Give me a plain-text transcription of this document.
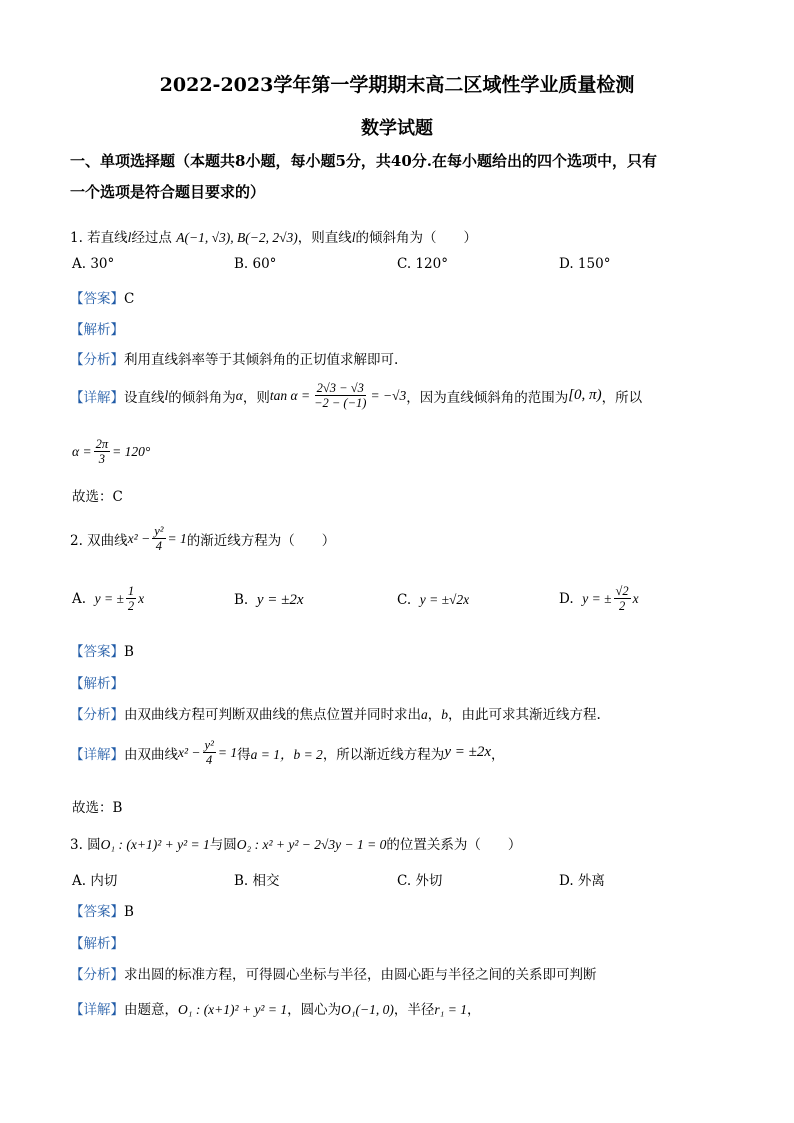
2022-2023学年第一学期期末高二区域性学业质量检测
数学试题
一、单项选择题（本题共8小题，每小题5分，共40分.在每小题给出的四个选项中，只有
一个选项是符合题目要求的）
1. 若直线l经过点 A(−1, √3), B(−2, 2√3)，则直线l的倾斜角为（　　）
A. 30°	B. 60°	C. 120°	D. 150°
【答案】C
【解析】
【分析】利用直线斜率等于其倾斜角的正切值求解即可.
【详解】 设直线 l 的倾斜角为 α ，则 $\tan \alpha = \frac{2√3 - √3}{-2 - (-1)} = -√3$ ，因为直线倾斜角的范围为 [0, π) ，所以
$\alpha = \frac{2\pi}{3} = 120^\circ$
故选：C
2. 双曲线 $x^2 - \frac{\text{y²}}{4} = 1$ 的渐近线方程为（　　）
A.
y = ± $\frac{1}{2}$ x	B. y = ±2x	C. y = ±√2x	D.
y = ± $\frac{√2}{2}$ x
【答案】B
【解析】
【分析】由双曲线方程可判断双曲线的焦点位置并同时求出a，b，由此可求其渐近线方程.
【详解】 由双曲线 $x^2 - \frac{\text{y²}}{4} = 1$ 得 a = 1，b = 2 ，所以渐近线方程为 y = ±2x ，
故选：B
3. 圆O₁ : (x+1)² + y² = 1与圆O₂ : x² + y² − 2√3y − 1 = 0的位置关系为（　　）
A. 内切	B. 相交	C. 外切	D. 外离
【答案】B
【解析】
【分析】求出圆的标准方程，可得圆心坐标与半径，由圆心距与半径之间的关系即可判断
【详解】由题意，O₁ : (x+1)² + y² = 1，圆心为O₁(−1, 0)，半径r₁ = 1，
